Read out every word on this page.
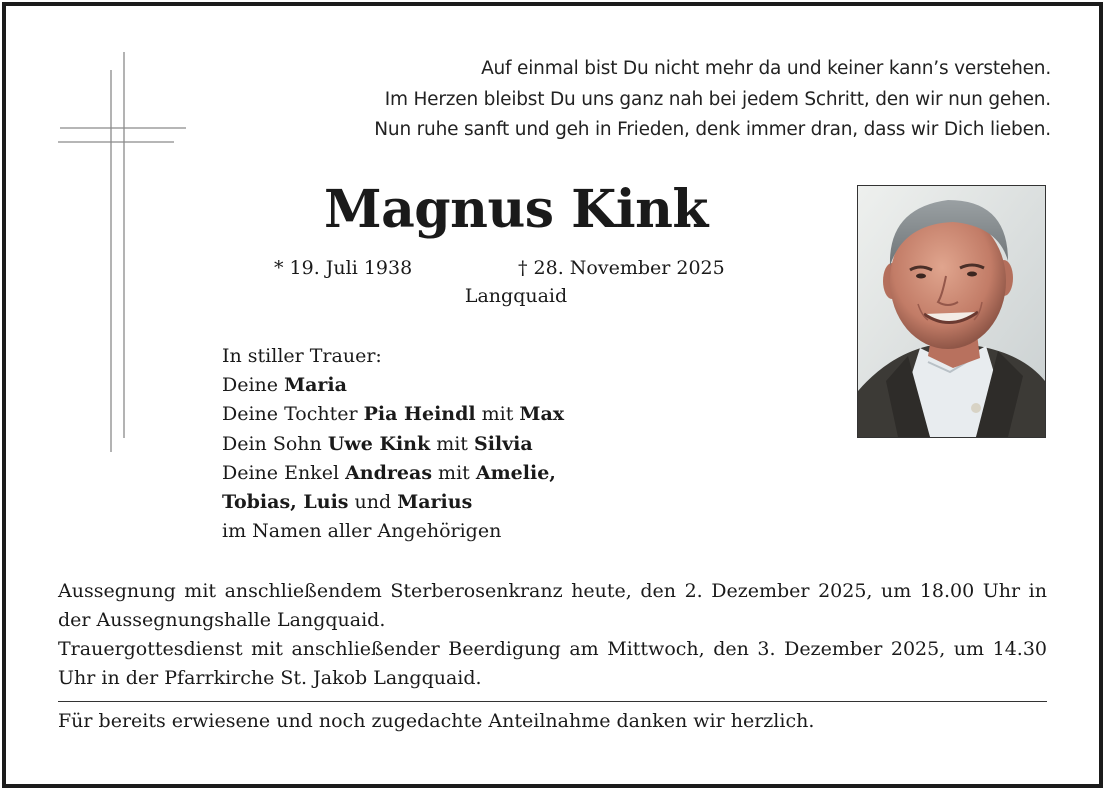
Auf einmal bist Du nicht mehr da und keiner kann’s verstehen.
Im Herzen bleibst Du uns ganz nah bei jedem Schritt, den wir nun gehen.
Nun ruhe sanft und geh in Frieden, denk immer dran, dass wir Dich lieben.
Magnus Kink
* 19. Juli 1938	† 28. November 2025
Langquaid
In stiller Trauer:
Deine Maria
Deine Tochter Pia Heindl mit Max
Dein Sohn Uwe Kink mit Silvia
Deine Enkel Andreas mit Amelie,
Tobias, Luis und Marius
im Namen aller Angehörigen

Aussegnung mit anschließendem Sterberosenkranz heute, den 2. Dezember 2025, um 18.00 Uhr in der Aussegnungshalle Langquaid.

Trauergottesdienst mit anschließender Beerdigung am Mittwoch, den 3. Dezember 2025, um 14.30 Uhr in der Pfarrkirche St. Jakob Langquaid.

Für bereits erwiesene und noch zugedachte Anteilnahme danken wir herzlich.
